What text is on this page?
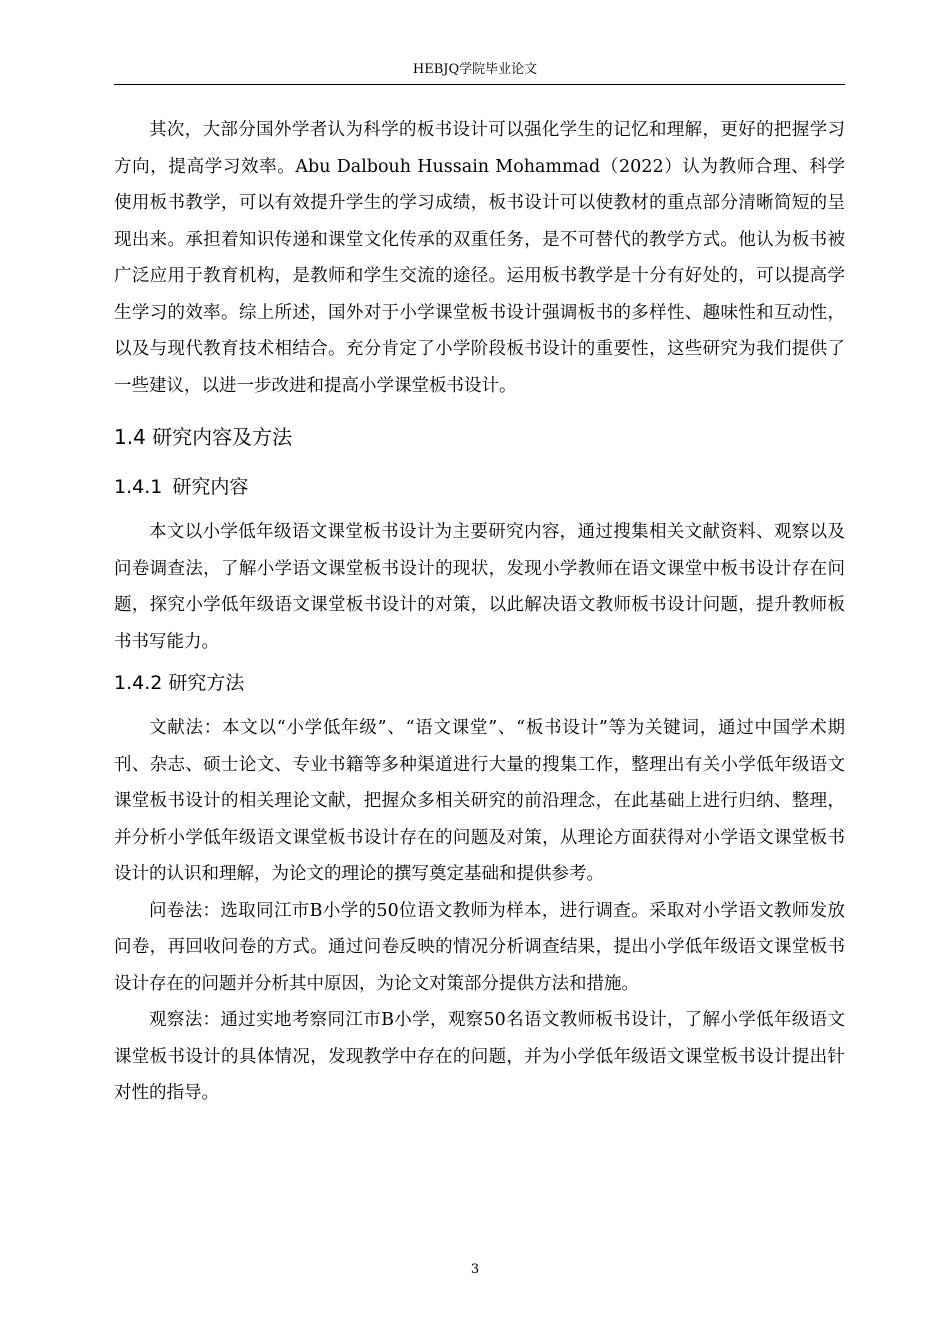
HEBJQ学院毕业论文

其次，大部分国外学者认为科学的板书设计可以强化学生的记忆和理解，更好的把握学习方向，提高学习效率。Abu Dalbouh Hussain Mohammad（2022）认为教师合理、科学使用板书教学，可以有效提升学生的学习成绩，板书设计可以使教材的重点部分清晰简短的呈现出来。承担着知识传递和课堂文化传承的双重任务，是不可替代的教学方式。他认为板书被广泛应用于教育机构，是教师和学生交流的途径。运用板书教学是十分有好处的，可以提高学生学习的效率。综上所述，国外对于小学课堂板书设计强调板书的多样性、趣味性和互动性，以及与现代教育技术相结合。充分肯定了小学阶段板书设计的重要性，这些研究为我们提供了一些建议，以进一步改进和提高小学课堂板书设计。

1.4 研究内容及方法
1.4.1 研究内容

本文以小学低年级语文课堂板书设计为主要研究内容，通过搜集相关文献资料、观察以及问卷调查法，了解小学语文课堂板书设计的现状，发现小学教师在语文课堂中板书设计存在问题，探究小学低年级语文课堂板书设计的对策，以此解决语文教师板书设计问题，提升教师板书书写能力。

1.4.2 研究方法

文献法：本文以“小学低年级”、“语文课堂”、“板书设计”等为关键词，通过中国学术期刊、杂志、硕士论文、专业书籍等多种渠道进行大量的搜集工作，整理出有关小学低年级语文课堂板书设计的相关理论文献，把握众多相关研究的前沿理念，在此基础上进行归纳、整理，并分析小学低年级语文课堂板书设计存在的问题及对策，从理论方面获得对小学语文课堂板书设计的认识和理解，为论文的理论的撰写奠定基础和提供参考。

问卷法：选取同江市B小学的50位语文教师为样本，进行调查。采取对小学语文教师发放问卷，再回收问卷的方式。通过问卷反映的情况分析调查结果，提出小学低年级语文课堂板书设计存在的问题并分析其中原因，为论文对策部分提供方法和措施。

观察法：通过实地考察同江市B小学，观察50名语文教师板书设计，了解小学低年级语文课堂板书设计的具体情况，发现教学中存在的问题，并为小学低年级语文课堂板书设计提出针对性的指导。

3
